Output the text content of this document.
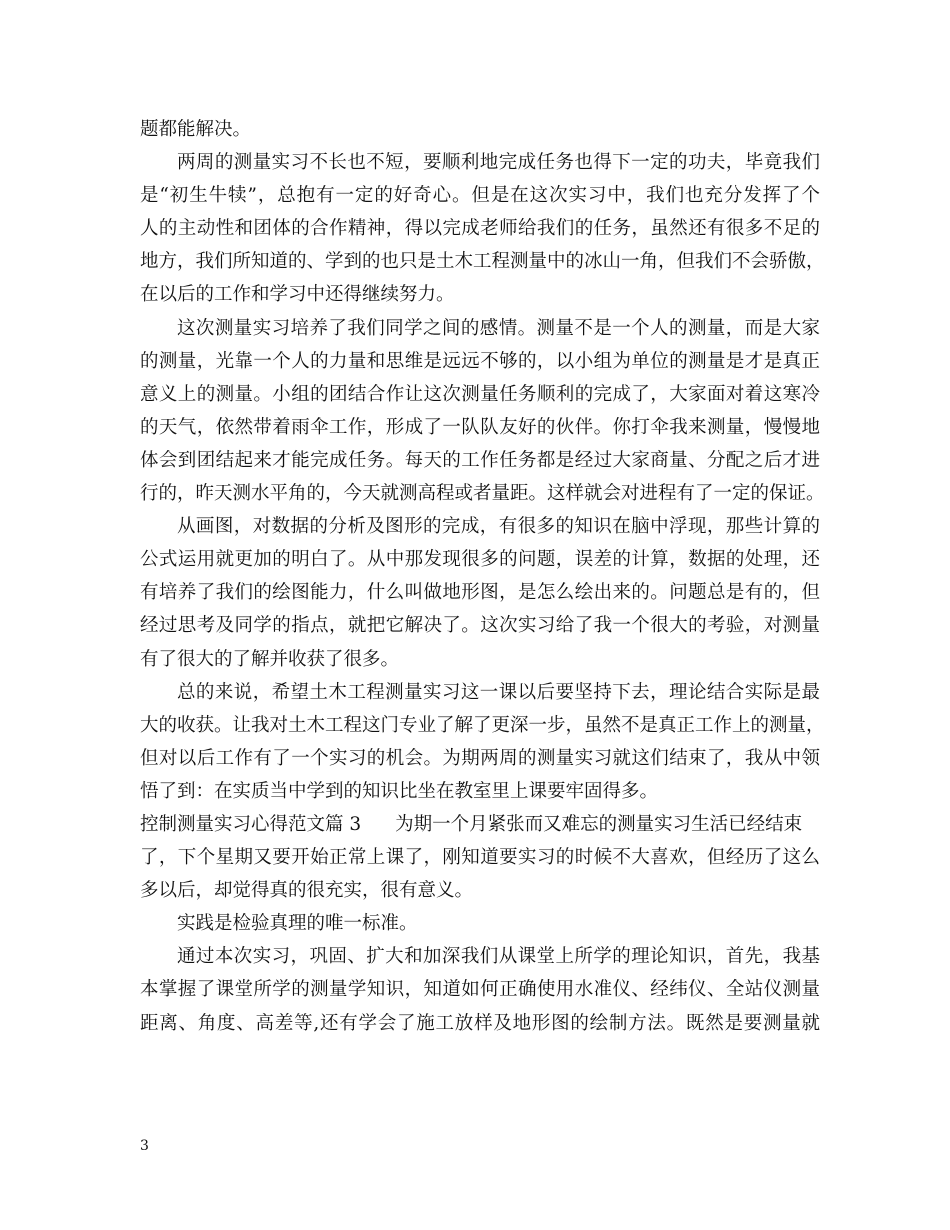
题都能解决。
两周的测量实习不长也不短，要顺利地完成任务也得下一定的功夫，毕竟我们
是“初生牛犊”，总抱有一定的好奇心。但是在这次实习中，我们也充分发挥了个
人的主动性和团体的合作精神，得以完成老师给我们的任务，虽然还有很多不足的
地方，我们所知道的、学到的也只是土木工程测量中的冰山一角，但我们不会骄傲，
在以后的工作和学习中还得继续努力。
这次测量实习培养了我们同学之间的感情。测量不是一个人的测量，而是大家
的测量，光靠一个人的力量和思维是远远不够的，以小组为单位的测量是才是真正
意义上的测量。小组的团结合作让这次测量任务顺利的完成了，大家面对着这寒冷
的天气，依然带着雨伞工作，形成了一队队友好的伙伴。你打伞我来测量，慢慢地
体会到团结起来才能完成任务。每天的工作任务都是经过大家商量、分配之后才进
行的，昨天测水平角的，今天就测高程或者量距。这样就会对进程有了一定的保证。
从画图，对数据的分析及图形的完成，有很多的知识在脑中浮现，那些计算的
公式运用就更加的明白了。从中那发现很多的问题，误差的计算，数据的处理，还
有培养了我们的绘图能力，什么叫做地形图，是怎么绘出来的。问题总是有的，但
经过思考及同学的指点，就把它解决了。这次实习给了我一个很大的考验，对测量
有了很大的了解并收获了很多。
总的来说，希望土木工程测量实习这一课以后要坚持下去，理论结合实际是最
大的收获。让我对土木工程这门专业了解了更深一步，虽然不是真正工作上的测量，
但对以后工作有了一个实习的机会。为期两周的测量实习就这们结束了，我从中领
悟了到：在实质当中学到的知识比坐在教室里上课要牢固得多。
控制测量实习心得范文篇 3 为期一个月紧张而又难忘的测量实习生活已经结束
了，下个星期又要开始正常上课了，刚知道要实习的时候不大喜欢，但经历了这么
多以后，却觉得真的很充实，很有意义。
实践是检验真理的唯一标准。
通过本次实习，巩固、扩大和加深我们从课堂上所学的理论知识，首先，我基
本掌握了课堂所学的测量学知识，知道如何正确使用水准仪、经纬仪、全站仪测量
距离、角度、高差等,还有学会了施工放样及地形图的绘制方法。既然是要测量就
3
